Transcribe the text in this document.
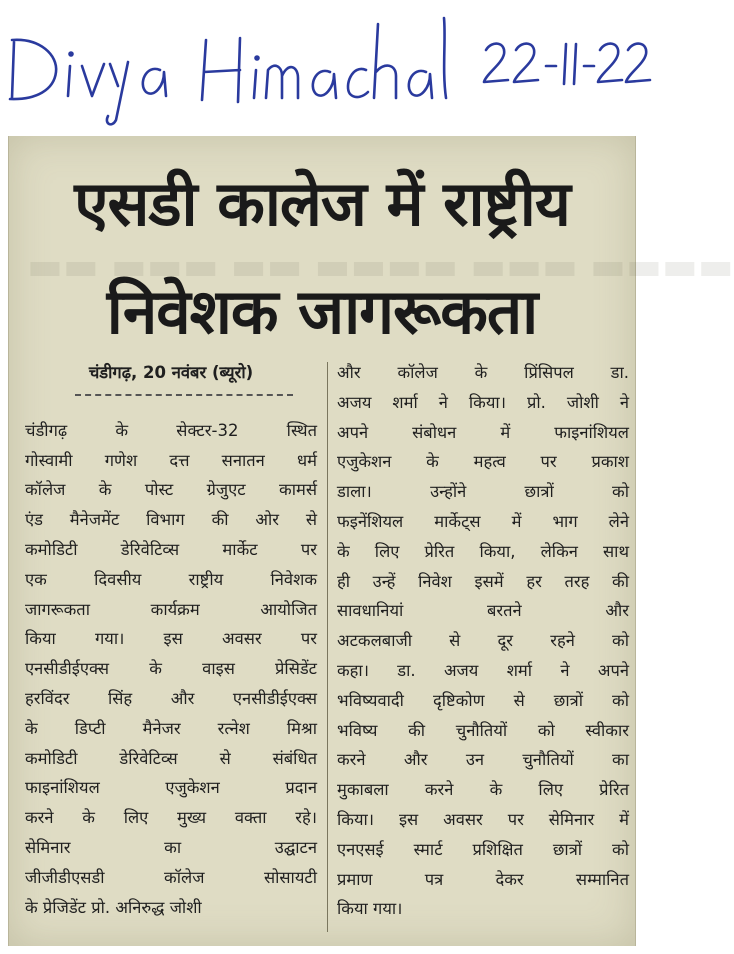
▬▬ ▬▬▬ ▬▬ ▬▬▬▬ ▬▬▬ ▬▬▬▬
एसडी कालेज में राष्ट्रीय
निवेशक जागरूकता
चंडीगढ़, 20 नवंबर (ब्यूरो)
चंडीगढ़ के सेक्टर-32 स्थित
गोस्वामी गणेश दत्त सनातन धर्म
कॉलेज के पोस्ट ग्रेजुएट कामर्स
एंड मैनेजमेंट विभाग की ओर से
कमोडिटी डेरिवेटिव्स मार्केट पर
एक दिवसीय राष्ट्रीय निवेशक
जागरूकता कार्यक्रम आयोजित
किया गया। इस अवसर पर
एनसीडीईएक्स के वाइस प्रेसिडेंट
हरविंदर सिंह और एनसीडीईएक्स
के डिप्टी मैनेजर रत्नेश मिश्रा
कमोडिटी डेरिवेटिव्स से संबंधित
फाइनांशियल एजुकेशन प्रदान
करने के लिए मुख्य वक्ता रहे।
सेमिनार का उद्घाटन
जीजीडीएसडी कॉलेज सोसायटी
के प्रेजिडेंट प्रो. अनिरुद्ध जोशी
और कॉलेज के प्रिंसिपल डा.
अजय शर्मा ने किया। प्रो. जोशी ने
अपने संबोधन में फाइनांशियल
एजुकेशन के महत्व पर प्रकाश
डाला। उन्होंने छात्रों को
फइनेंशियल मार्केट्स में भाग लेने
के लिए प्रेरित किया, लेकिन साथ
ही उन्हें निवेश इसमें हर तरह की
सावधानियां बरतने और
अटकलबाजी से दूर रहने को
कहा। डा. अजय शर्मा ने अपने
भविष्यवादी दृष्टिकोण से छात्रों को
भविष्य की चुनौतियों को स्वीकार
करने और उन चुनौतियों का
मुकाबला करने के लिए प्रेरित
किया। इस अवसर पर सेमिनार में
एनएसई स्मार्ट प्रशिक्षित छात्रों को
प्रमाण पत्र देकर सम्मानित
किया गया।
